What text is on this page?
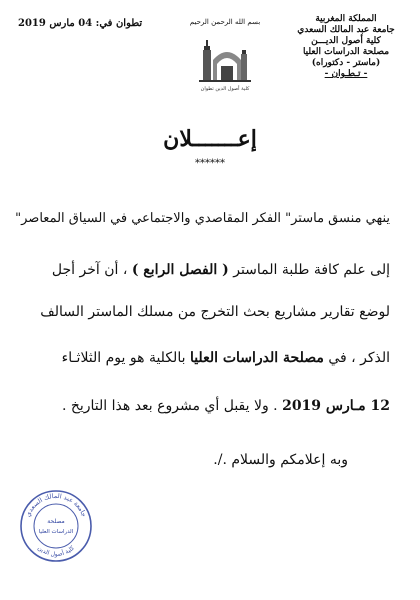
المملكة المغربية
جامعة عبد المالك السعدي
كلية أصول الديـــن
مصلحة الدراسات العليا
(ماستر - دكتوراه)
- تـطـوان -
بسم الله الرحمن الرحيم
كلية أصول الدين تطوان
تطوان في: 04 مارس 2019
إعـــــــلان
******
ينهي منسق ماستر" الفكر المقاصدي والاجتماعي في السياق المعاصر"
إلى علم كافة طلبة الماستر ( الفصل الرابع ) ، أن آخر أجل
لوضع تقارير مشاريع بحث التخرج من مسلك الماستر السالف
الذكر ، في مصلحة الدراسات العليا بالكلية هو يوم الثلاثـاء
12 مـارس 2019 . ولا يقبل أي مشروع بعد هذا التاريخ .
وبه إعلامكم والسلام ./.
جامعة عبد المالك السعدي
مصلحة
الدراسات العليا
كلية أصول الدين
